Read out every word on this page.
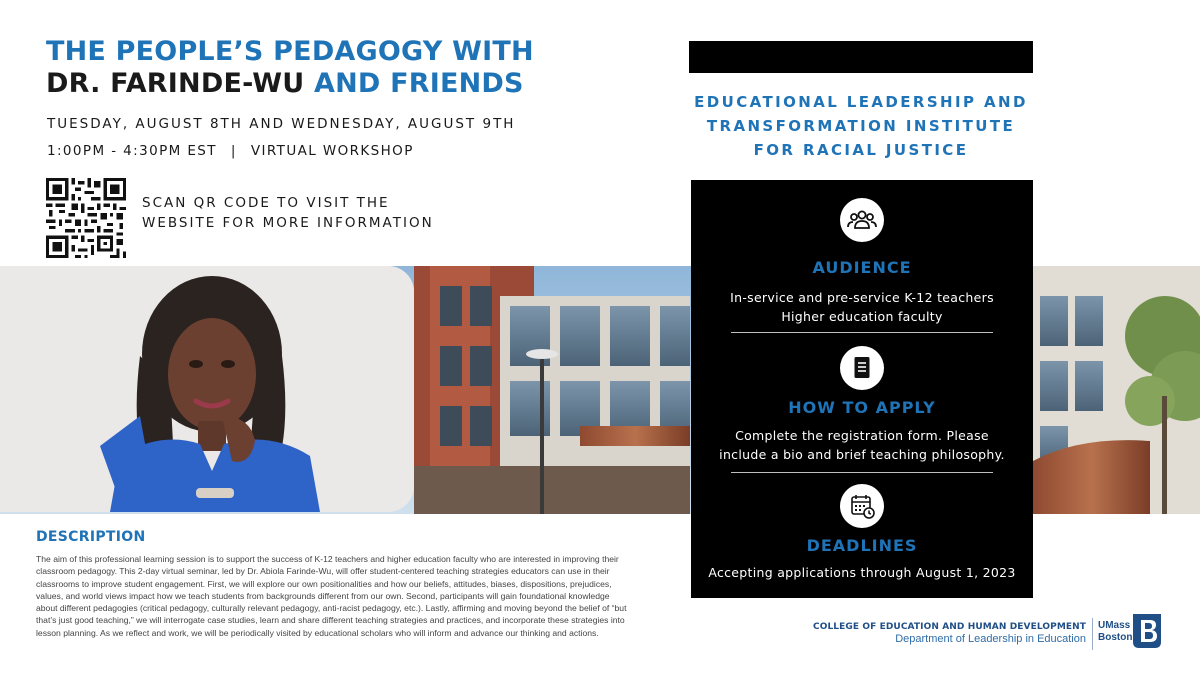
THE PEOPLE’S PEDAGOGY WITH
DR. FARINDE-WU AND FRIENDS
TUESDAY, AUGUST 8TH AND WEDNESDAY, AUGUST 9TH
1:00PM - 4:30PM EST | VIRTUAL WORKSHOP
SCAN QR CODE TO VISIT THE
WEBSITE FOR MORE INFORMATION
EDUCATIONAL LEADERSHIP AND
TRANSFORMATION INSTITUTE
FOR RACIAL JUSTICE
AUDIENCE
In-service and pre-service K-12 teachers
Higher education faculty
HOW TO APPLY
Complete the registration form. Please
include a bio and brief teaching philosophy.
DEADLINES
Accepting applications through August 1, 2023
DESCRIPTION
The aim of this professional learning session is to support the success of K-12 teachers and higher education faculty who are interested in improving their classroom pedagogy. This 2-day virtual seminar, led by Dr. Abiola Farinde-Wu, will offer student-centered teaching strategies educators can use in their classrooms to improve student engagement. First, we will explore our own positionalities and how our beliefs, attitudes, biases, dispositions, prejudices, values, and world views impact how we teach students from backgrounds different from our own. Second, participants will gain foundational knowledge about different pedagogies (critical pedagogy, culturally relevant pedagogy, anti-racist pedagogy, etc.). Lastly, affirming and moving beyond the belief of “but that’s just good teaching,” we will interrogate case studies, learn and share different teaching strategies and practices, and incorporate these strategies into lesson planning. As we reflect and work, we will be periodically visited by educational scholars who will inform and advance our thinking and actions.
COLLEGE OF EDUCATION AND HUMAN DEVELOPMENT
Department of Leadership in Education
UMass
Boston
